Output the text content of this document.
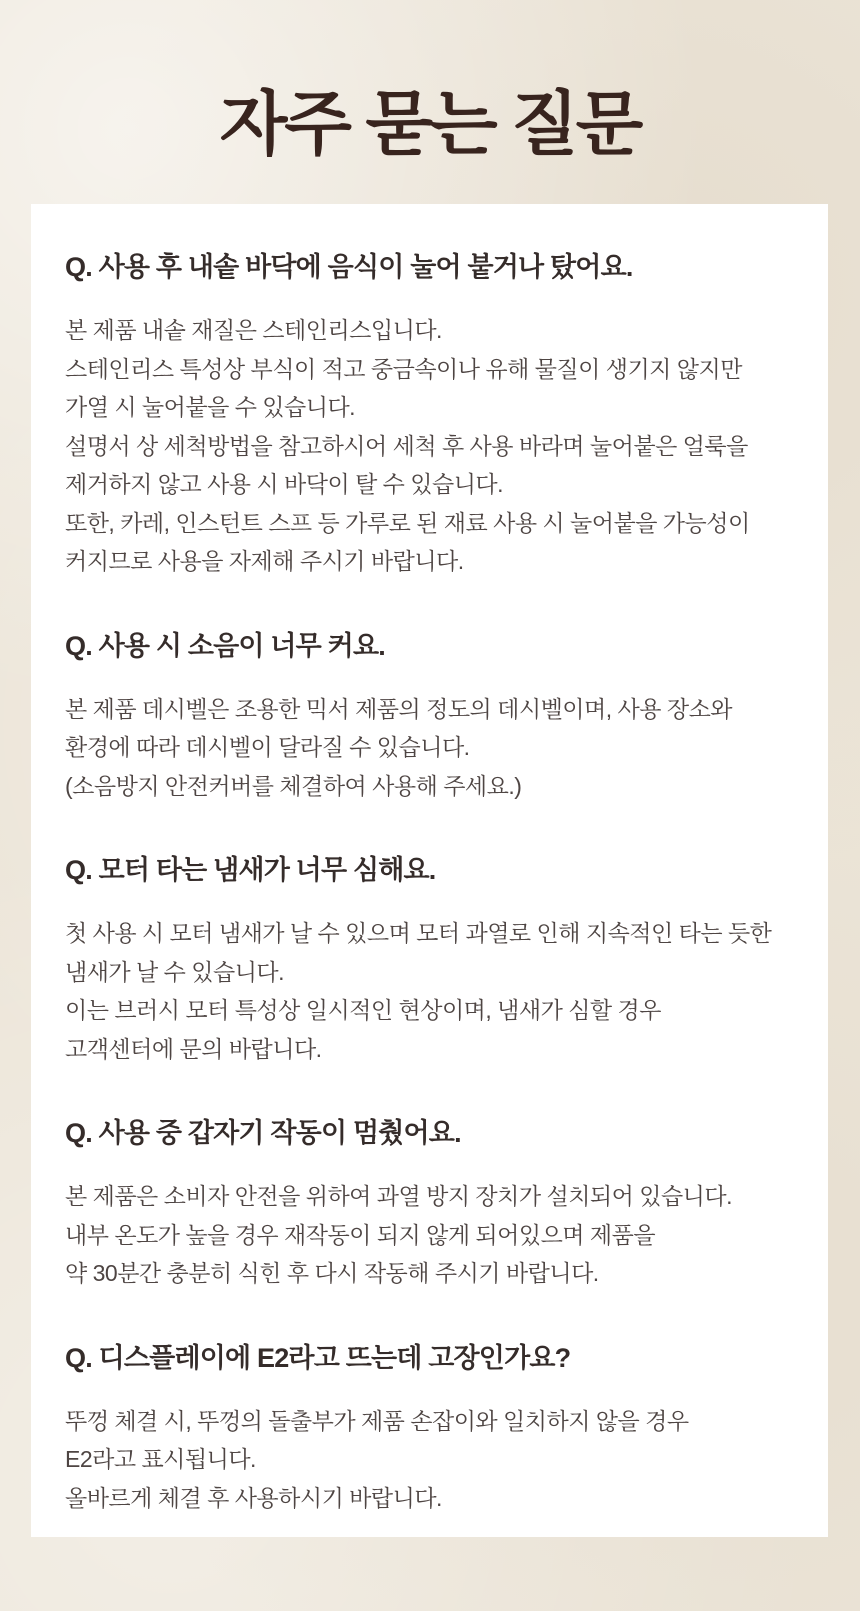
자주 묻는 질문
Q. 사용 후 내솥 바닥에 음식이 눌어 붙거나 탔어요.
본 제품 내솥 재질은 스테인리스입니다.
스테인리스 특성상 부식이 적고 중금속이나 유해 물질이 생기지 않지만
가열 시 눌어붙을 수 있습니다.
설명서 상 세척방법을 참고하시어 세척 후 사용 바라며 눌어붙은 얼룩을
제거하지 않고 사용 시 바닥이 탈 수 있습니다.
또한, 카레, 인스턴트 스프 등 가루로 된 재료 사용 시 눌어붙을 가능성이
커지므로 사용을 자제해 주시기 바랍니다.
Q. 사용 시 소음이 너무 커요.
본 제품 데시벨은 조용한 믹서 제품의 정도의 데시벨이며, 사용 장소와
환경에 따라 데시벨이 달라질 수 있습니다.
(소음방지 안전커버를 체결하여 사용해 주세요.)
Q. 모터 타는 냄새가 너무 심해요.
첫 사용 시 모터 냄새가 날 수 있으며 모터 과열로 인해 지속적인 타는 듯한
냄새가 날 수 있습니다.
이는 브러시 모터 특성상 일시적인 현상이며, 냄새가 심할 경우
고객센터에 문의 바랍니다.
Q. 사용 중 갑자기 작동이 멈췄어요.
본 제품은 소비자 안전을 위하여 과열 방지 장치가 설치되어 있습니다.
내부 온도가 높을 경우 재작동이 되지 않게 되어있으며 제품을
약 30분간 충분히 식힌 후 다시 작동해 주시기 바랍니다.
Q. 디스플레이에 E2라고 뜨는데 고장인가요?
뚜껑 체결 시, 뚜껑의 돌출부가 제품 손잡이와 일치하지 않을 경우
E2라고 표시됩니다.
올바르게 체결 후 사용하시기 바랍니다.
